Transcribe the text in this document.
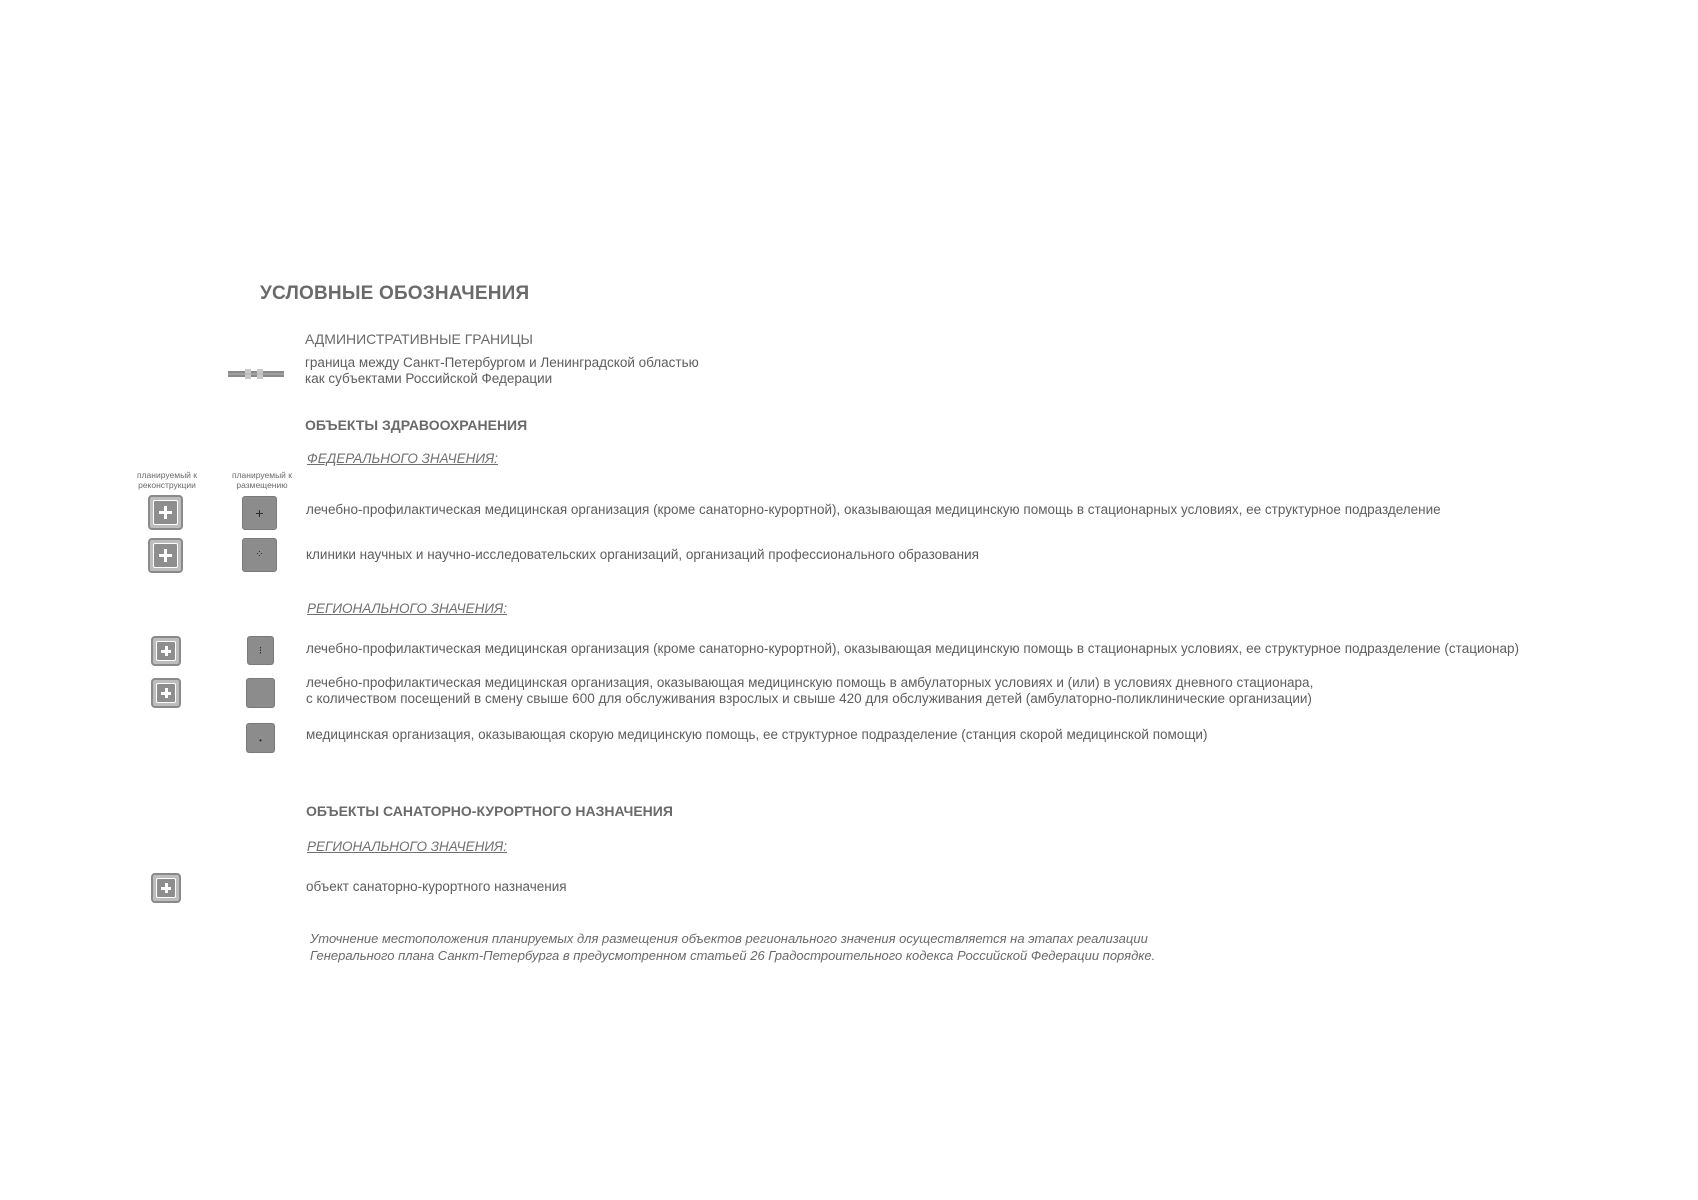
УСЛОВНЫЕ ОБОЗНАЧЕНИЯ
АДМИНИСТРАТИВНЫЕ ГРАНИЦЫ
граница между Санкт-Петербургом и Ленинградской областью
как субъектами Российской Федерации
ОБЪЕКТЫ ЗДРАВООХРАНЕНИЯ
ФЕДЕРАЛЬНОГО ЗНАЧЕНИЯ:
планируемый к
реконструкции
планируемый к
размещению
+	лечебно-профилактическая медицинская организация (кроме санаторно-курортной), оказывающая медицинскую помощь в стационарных условиях, ее структурное подразделение
⁘	клиники научных и научно-исследовательских организаций, организаций профессионального образования
РЕГИОНАЛЬНОГО ЗНАЧЕНИЯ:
⁝	лечебно-профилактическая медицинская организация (кроме санаторно-курортной), оказывающая медицинскую помощь в стационарных условиях, ее структурное подразделение (стационар)
лечебно-профилактическая медицинская организация, оказывающая медицинскую помощь в амбулаторных условиях и (или) в условиях дневного стационара,
с количеством посещений в смену свыше 600 для обслуживания взрослых и свыше 420 для обслуживания детей (амбулаторно-поликлинические организации)
•	медицинская организация, оказывающая скорую медицинскую помощь, ее структурное подразделение (станция скорой медицинской помощи)
ОБЪЕКТЫ САНАТОРНО-КУРОРТНОГО НАЗНАЧЕНИЯ
РЕГИОНАЛЬНОГО ЗНАЧЕНИЯ:
объект санаторно-курортного назначения
Уточнение местоположения планируемых для размещения объектов регионального значения осуществляется на этапах реализации
Генерального плана Санкт-Петербурга в предусмотренном статьей 26 Градостроительного кодекса Российской Федерации порядке.
